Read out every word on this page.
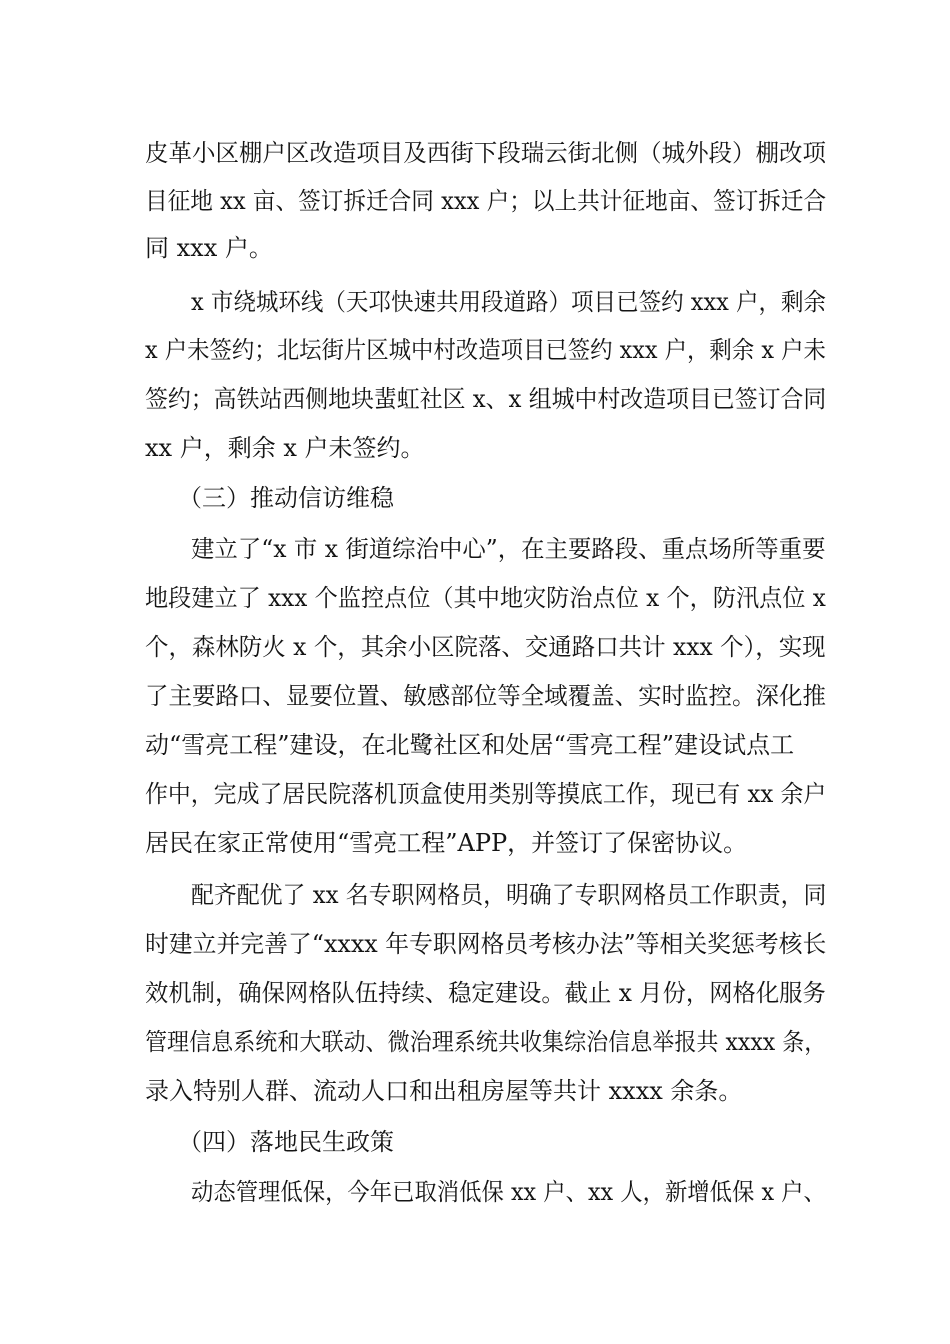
皮革小区棚户区改造项目及西街下段瑞云街北侧（城外段）棚改项
目征地 xx 亩、签订拆迁合同 xxx 户；以上共计征地亩、签订拆迁合
同 xxx 户。
x 市绕城环线（天邛快速共用段道路）项目已签约 xxx 户，剩余
x 户未签约；北坛街片区城中村改造项目已签约 xxx 户，剩余 x 户未
签约；高铁站西侧地块蜚虹社区 x、x 组城中村改造项目已签订合同
xx 户，剩余 x 户未签约。
（三）推动信访维稳
建立了“x 市 x 街道综治中心”，在主要路段、重点场所等重要
地段建立了 xxx 个监控点位（其中地灾防治点位 x 个，防汛点位 x
个，森林防火 x 个，其余小区院落、交通路口共计 xxx 个），实现
了主要路口、显要位置、敏感部位等全域覆盖、实时监控。深化推
动“雪亮工程”建设，在北鹭社区和处居“雪亮工程”建设试点工
作中，完成了居民院落机顶盒使用类别等摸底工作，现已有 xx 余户
居民在家正常使用“雪亮工程”APP，并签订了保密协议。
配齐配优了 xx 名专职网格员，明确了专职网格员工作职责，同
时建立并完善了“xxxx 年专职网格员考核办法”等相关奖惩考核长
效机制，确保网格队伍持续、稳定建设。截止 x 月份，网格化服务
管理信息系统和大联动、微治理系统共收集综治信息举报共 xxxx 条，
录入特别人群、流动人口和出租房屋等共计 xxxx 余条。
（四）落地民生政策
动态管理低保，今年已取消低保 xx 户、xx 人，新增低保 x 户、
